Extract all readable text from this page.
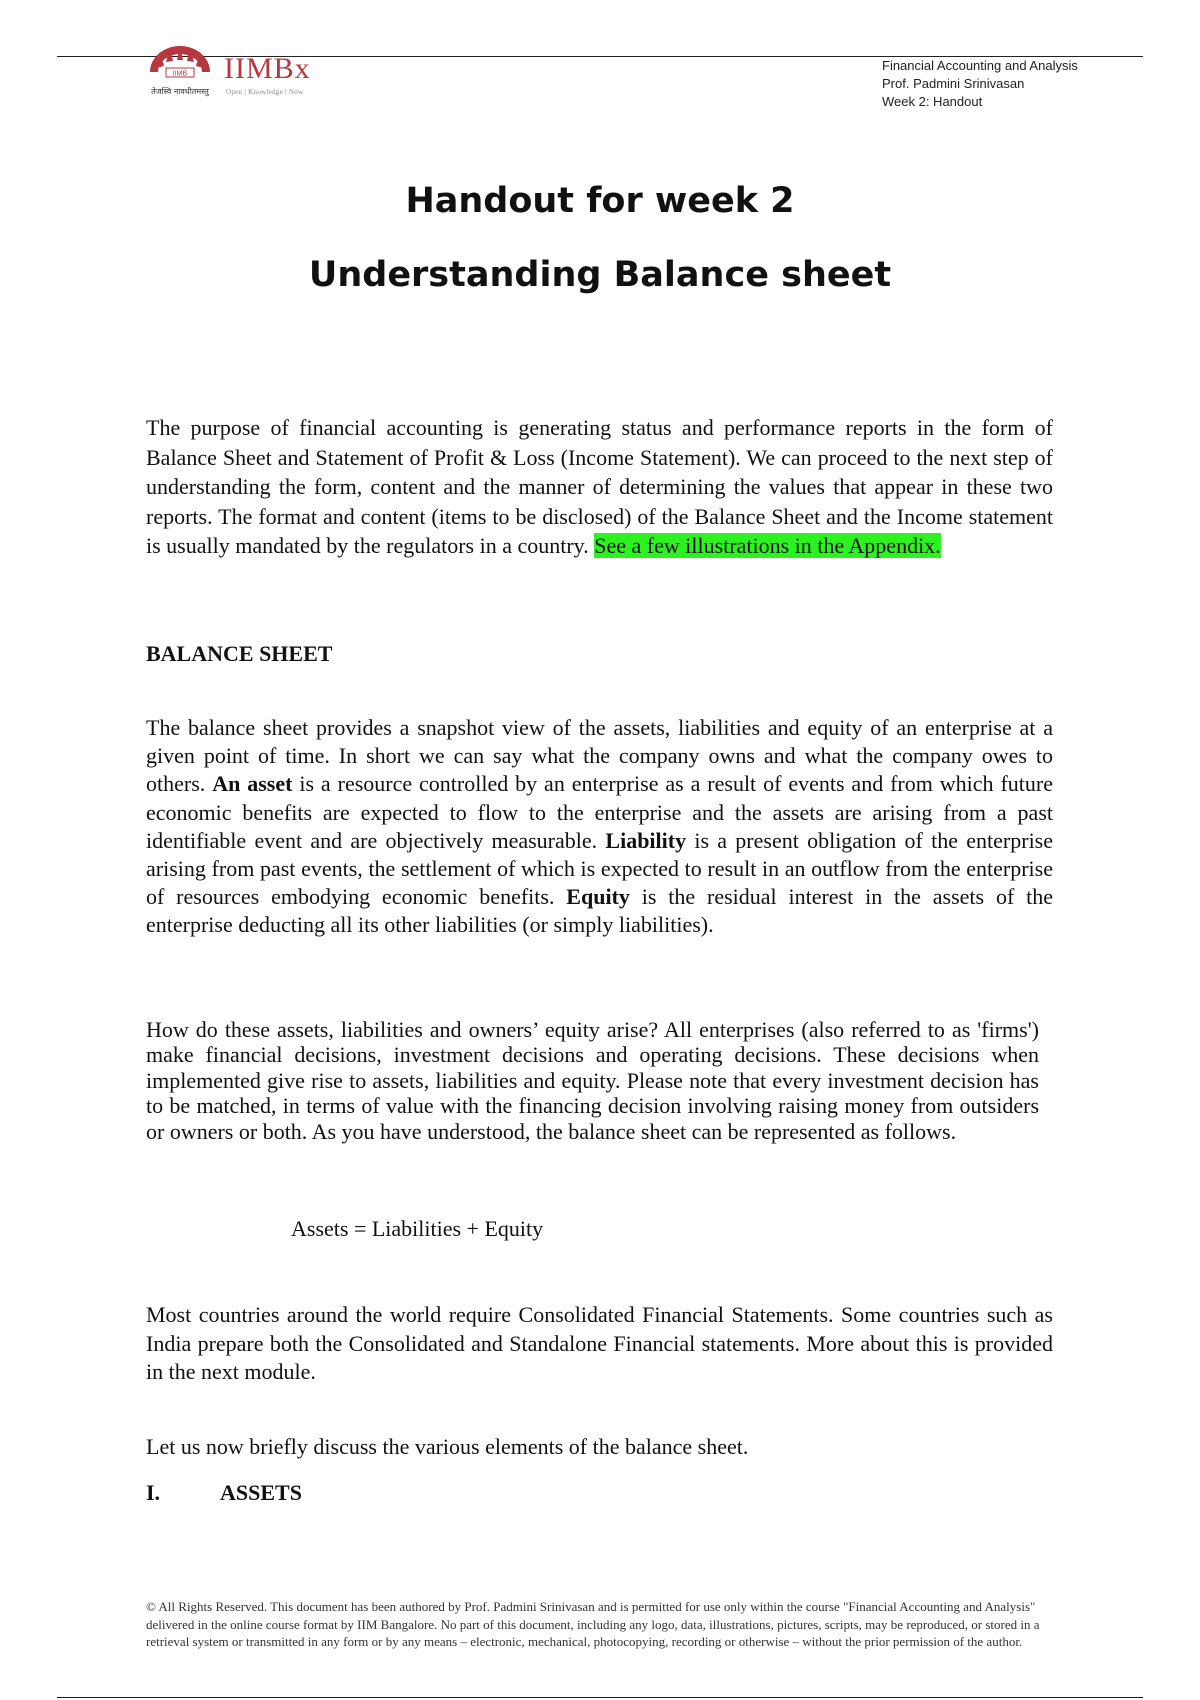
IIMB
तेजस्वि नावधीतमस्तु
IIMBx
Open | Knowledge | Now
Financial Accounting and Analysis
Prof. Padmini Srinivasan
Week 2: Handout
Handout for week 2
Understanding Balance sheet
The purpose of financial accounting is generating status and performance reports in the form of Balance Sheet and Statement of Profit & Loss (Income Statement). We can proceed to the next step of understanding the form, content and the manner of determining the values that appear in these two reports. The format and content (items to be disclosed) of the Balance Sheet and the Income statement is usually mandated by the regulators in a country. See a few illustrations in the Appendix.
BALANCE SHEET
The balance sheet provides a snapshot view of the assets, liabilities and equity of an enterprise at a given point of time. In short we can say what the company owns and what the company owes to others. An asset is a resource controlled by an enterprise as a result of events and from which future economic benefits are expected to flow to the enterprise and the assets are arising from a past identifiable event and are objectively measurable. Liability is a present obligation of the enterprise arising from past events, the settlement of which is expected to result in an outflow from the enterprise of resources embodying economic benefits. Equity is the residual interest in the assets of the enterprise deducting all its other liabilities (or simply liabilities).
How do these assets, liabilities and owners’ equity arise? All enterprises (also referred to as 'firms') make financial decisions, investment decisions and operating decisions. These decisions when implemented give rise to assets, liabilities and equity. Please note that every investment decision has to be matched, in terms of value with the financing decision involving raising money from outsiders or owners or both. As you have understood, the balance sheet can be represented as follows.
Assets = Liabilities + Equity
Most countries around the world require Consolidated Financial Statements. Some countries such as India prepare both the Consolidated and Standalone Financial statements. More about this is provided in the next module.
Let us now briefly discuss the various elements of the balance sheet.
I.	ASSETS
© All Rights Reserved. This document has been authored by Prof. Padmini Srinivasan and is permitted for use only within the course "Financial Accounting and Analysis" delivered in the online course format by IIM Bangalore. No part of this document, including any logo, data, illustrations, pictures, scripts, may be reproduced, or stored in a retrieval system or transmitted in any form or by any means – electronic, mechanical, photocopying, recording or otherwise – without the prior permission of the author.
